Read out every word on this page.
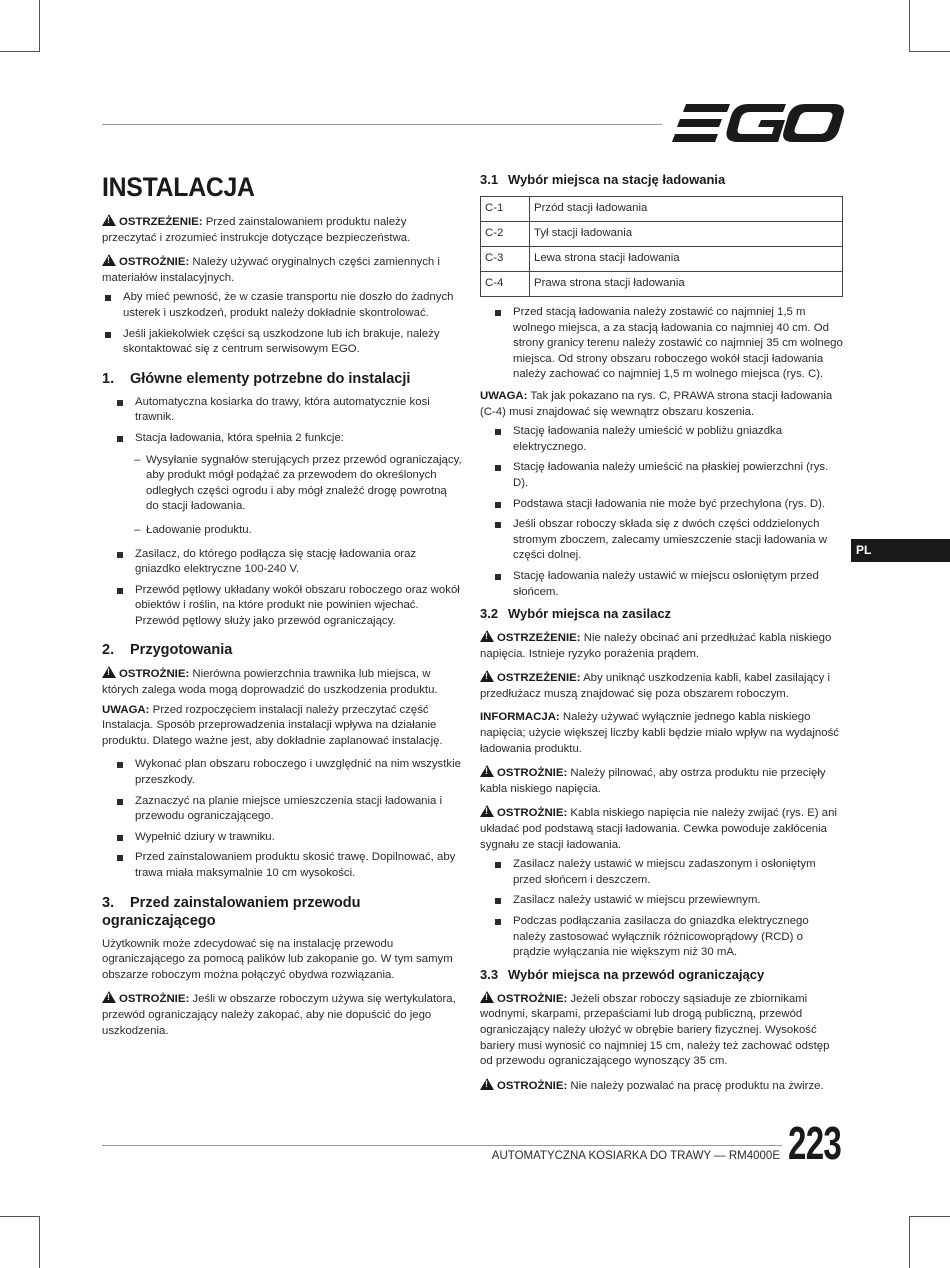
INSTALACJA

!OSTRZEŻENIE: Przed zainstalowaniem produktu należy przeczytać i zrozumieć instrukcje dotyczące bezpieczeństwa.

!OSTROŻNIE: Należy używać oryginalnych części zamiennych i materiałów instalacyjnych.

Aby mieć pewność, że w czasie transportu nie doszło do żadnych usterek i uszkodzeń, produkt należy dokładnie skontrolować.
Jeśli jakiekolwiek części są uszkodzone lub ich brakuje, należy skontaktować się z centrum serwisowym EGO.
1. Główne elementy potrzebne do instalacji
Automatyczna kosiarka do trawy, która automatycznie kosi trawnik.
Stacja ładowania, która spełnia 2 funkcje:
– Wysyłanie sygnałów sterujących przez przewód ograniczający, aby produkt mógł podążać za przewodem do określonych odległych części ogrodu i aby mógł znaleźć drogę powrotną do stacji ładowania.
– Ładowanie produktu.
Zasilacz, do którego podłącza się stację ładowania oraz gniazdko elektryczne 100-240 V.
Przewód pętlowy układany wokół obszaru roboczego oraz wokół obiektów i roślin, na które produkt nie powinien wjechać. Przewód pętlowy służy jako przewód ograniczający.
2. Przygotowania

!OSTROŻNIE: Nierówna powierzchnia trawnika lub miejsca, w których zalega woda mogą doprowadzić do uszkodzenia produktu.

UWAGA: Przed rozpoczęciem instalacji należy przeczytać część Instalacja. Sposób przeprowadzenia instalacji wpływa na działanie produktu. Dlatego ważne jest, aby dokładnie zaplanować instalację.

Wykonać plan obszaru roboczego i uwzględnić na nim wszystkie przeszkody.
Zaznaczyć na planie miejsce umieszczenia stacji ładowania i przewodu ograniczającego.
Wypełnić dziury w trawniku.
Przed zainstalowaniem produktu skosić trawę. Dopilnować, aby trawa miała maksymalnie 10 cm wysokości.
3. Przed zainstalowaniem przewodu ograniczającego

Użytkownik może zdecydować się na instalację przewodu ograniczającego za pomocą palików lub zakopanie go. W tym samym obszarze roboczym można połączyć obydwa rozwiązania.

!OSTROŻNIE: Jeśli w obszarze roboczym używa się wertykulatora, przewód ograniczający należy zakopać, aby nie dopuścić do jego uszkodzenia.

3.1 Wybór miejsca na stację ładowania
C-1	Przód stacji ładowania
C-2	Tył stacji ładowania
C-3	Lewa strona stacji ładowania
C-4	Prawa strona stacji ładowania
Przed stacją ładowania należy zostawić co najmniej 1,5 m wolnego miejsca, a za stacją ładowania co najmniej 40 cm. Od strony granicy terenu należy zostawić co najmniej 35 cm wolnego miejsca. Od strony obszaru roboczego wokół stacji ładowania należy zachować co najmniej 1,5 m wolnego miejsca (rys. C).

UWAGA: Tak jak pokazano na rys. C, PRAWA strona stacji ładowania (C-4) musi znajdować się wewnątrz obszaru koszenia.

Stację ładowania należy umieścić w pobliżu gniazdka elektrycznego.
Stację ładowania należy umieścić na płaskiej powierzchni (rys. D).
Podstawa stacji ładowania nie może być przechylona (rys. D).
Jeśli obszar roboczy składa się z dwóch części oddzielonych stromym zboczem, zalecamy umieszczenie stacji ładowania w części dolnej.
Stację ładowania należy ustawić w miejscu osłoniętym przed słońcem.
3.2 Wybór miejsca na zasilacz

!OSTRZEŻENIE: Nie należy obcinać ani przedłużać kabla niskiego napięcia. Istnieje ryzyko porażenia prądem.

!OSTRZEŻENIE: Aby uniknąć uszkodzenia kabli, kabel zasilający i przedłużacz muszą znajdować się poza obszarem roboczym.

INFORMACJA: Należy używać wyłącznie jednego kabla niskiego napięcia; użycie większej liczby kabli będzie miało wpływ na wydajność ładowania produktu.

!OSTROŻNIE: Należy pilnować, aby ostrza produktu nie przecięły kabla niskiego napięcia.

!OSTROŻNIE: Kabla niskiego napięcia nie należy zwijać (rys. E) ani układać pod podstawą stacji ładowania. Cewka powoduje zakłócenia sygnału ze stacji ładowania.

Zasilacz należy ustawić w miejscu zadaszonym i osłoniętym przed słońcem i deszczem.
Zasilacz należy ustawić w miejscu przewiewnym.
Podczas podłączania zasilacza do gniazdka elektrycznego należy zastosować wyłącznik różnicowoprądowy (RCD) o prądzie wyłączania nie większym niż 30 mA.
3.3 Wybór miejsca na przewód ograniczający

!OSTROŻNIE: Jeżeli obszar roboczy sąsiaduje ze zbiornikami wodnymi, skarpami, przepaściami lub drogą publiczną, przewód ograniczający należy ułożyć w obrębie bariery fizycznej. Wysokość bariery musi wynosić co najmniej 15 cm, należy też zachować odstęp od przewodu ograniczającego wynoszący 35 cm.

!OSTROŻNIE: Nie należy pozwalać na pracę produktu na żwirze.

PL
AUTOMATYCZNA KOSIARKA DO TRAWY — RM4000E 223
